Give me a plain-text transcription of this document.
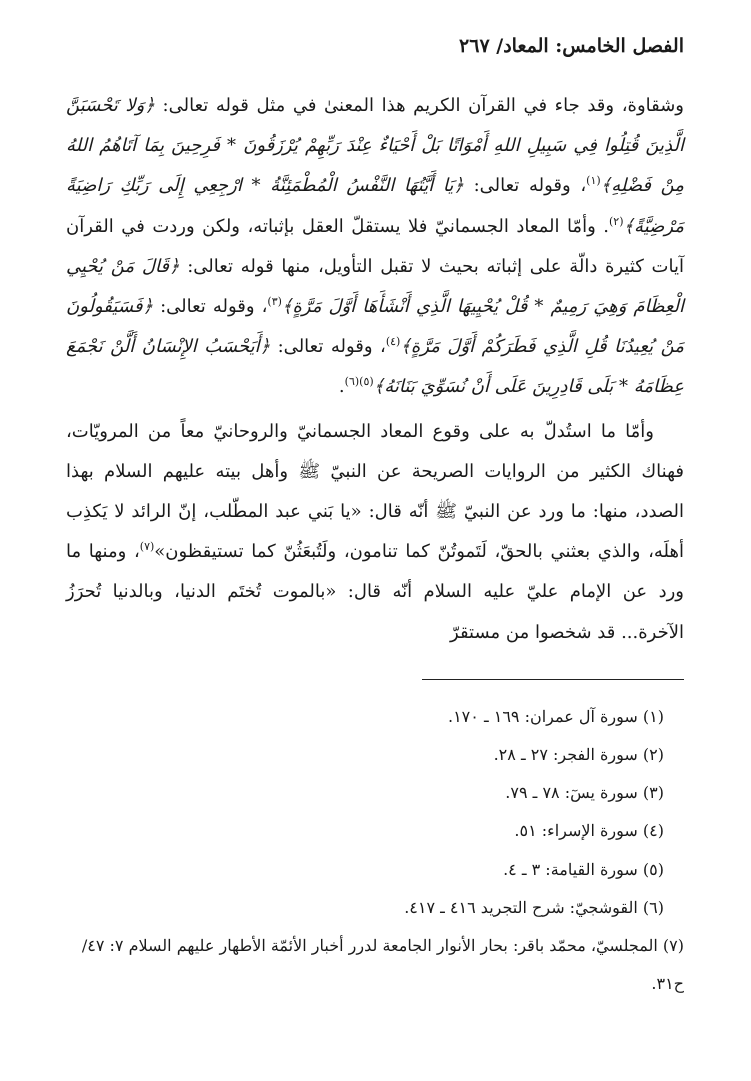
الفصل الخامس: المعاد/ ٢٦٧

وشقاوة، وقد جاء في القرآن الكريم هذا المعنىٰ في مثل قوله تعالى: ﴿وَلا تَحْسَبَنَّ الَّذِينَ قُتِلُوا فِي سَبِيلِ اللهِ أَمْوَاتًا بَلْ أَحْيَاءٌ عِنْدَ رَبِّهِمْ يُرْزَقُونَ * فَرِحِينَ بِمَا آتَاهُمُ اللهُ مِنْ فَضْلِهِ﴾$^{(١)}$، وقوله تعالى: ﴿يَا أَيَّتُهَا النَّفْسُ الْمُطْمَئِنَّةُ * ارْجِعِي إِلَى رَبِّكِ رَاضِيَةً مَرْضِيَّةً﴾$^{(٢)}$. وأمّا المعاد الجسمانيّ فلا يستقلّ العقل بإثباته، ولكن وردت في القرآن آيات كثيرة دالّة على إثباته بحيث لا تقبل التأويل، منها قوله تعالى: ﴿قَالَ مَنْ يُحْيِي الْعِظَامَ وَهِيَ رَمِيمٌ * قُلْ يُحْيِيهَا الَّذِي أَنْشَأَهَا أَوَّلَ مَرَّةٍ﴾$^{(٣)}$، وقوله تعالى: ﴿فَسَيَقُولُونَ مَنْ يُعِيدُنَا قُلِ الَّذِي فَطَرَكُمْ أَوَّلَ مَرَّةٍ﴾$^{(٤)}$، وقوله تعالى: ﴿أَيَحْسَبُ الإِنْسَانُ أَلَّنْ نَجْمَعَ عِظَامَهُ * بَلَى قَادِرِينَ عَلَى أَنْ نُسَوِّيَ بَنَانَهُ﴾$^{(٥)(٦)}$.

وأمّا ما استُدلّ به على وقوع المعاد الجسمانيّ والروحانيّ معاً من المرويّات، فهناك الكثير من الروايات الصريحة عن النبيّ ﷺ وأهل بيته عليهم السلام بهذا الصدد، منها: ما ورد عن النبيّ ﷺ أنّه قال: «يا بَني عبد المطّلب، إنّ الرائد لا يَكذِب أهلَه، والذي بعثني بالحقّ، لَتَموتُنّ كما تنامون، ولَتُبعَثُنّ كما تستيقظون»$^{(٧)}$، ومنها ما ورد عن الإمام عليّ عليه السلام أنّه قال: «بالموت تُختَم الدنيا، وبالدنيا تُحرَزُ الآخرة... قد شخصوا من مستقرّ

(١) سورة آل عمران: ١٦٩ ـ ١٧٠.
(٢) سورة الفجر: ٢٧ ـ ٢٨.
(٣) سورة يسٓ: ٧٨ ـ ٧٩.
(٤) سورة الإسراء: ٥١.
(٥) سورة القيامة: ٣ ـ ٤.
(٦) القوشجيّ: شرح التجريد ٤١٦ ـ ٤١٧.
(٧) المجلسيّ، محمّد باقر: بحار الأنوار الجامعة لدرر أخبار الأئمّة الأطهار عليهم السلام ٧: ٤٧/ ح٣١.
